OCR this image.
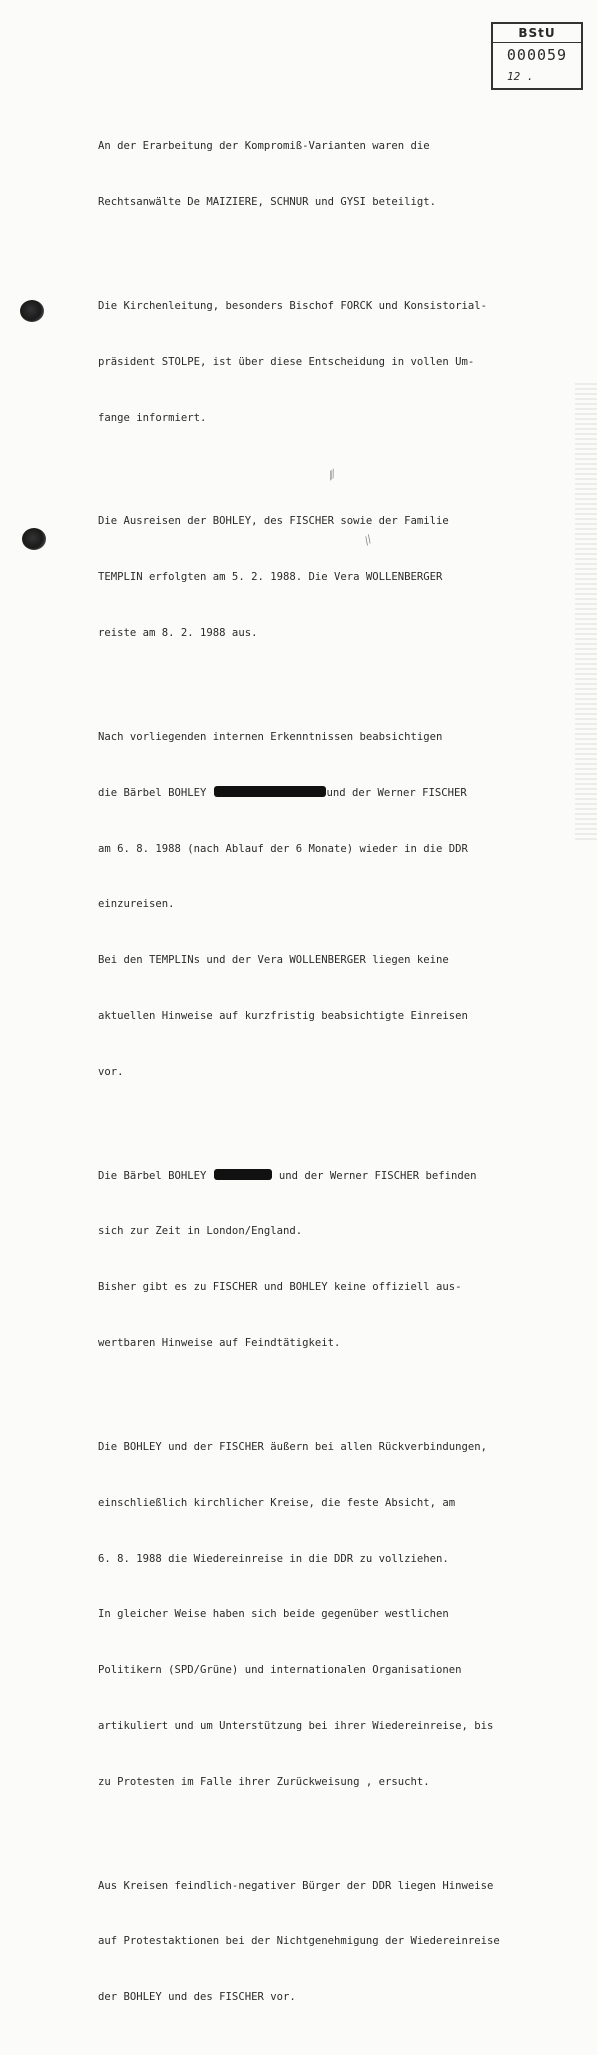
BStU
000059
12 .

An der Erarbeitung der Kompromiß-Varianten waren die

Rechtsanwälte De MAIZIERE, SCHNUR und GYSI beteiligt.

Die Kirchenleitung, besonders Bischof FORCK und Konsistorial-

präsident STOLPE, ist über diese Entscheidung in vollen Um-

fange informiert.

Die Ausreisen der BOHLEY, des FISCHER sowie der Familie

TEMPLIN erfolgten am 5. 2. 1988. Die Vera WOLLENBERGER

reiste am 8. 2. 1988 aus.

Nach vorliegenden internen Erkenntnissen beabsichtigen

die Bärbel BOHLEY	und der Werner FISCHER

am 6. 8. 1988 (nach Ablauf der 6 Monate) wieder in die DDR

einzureisen.

Bei den TEMPLINs und der Vera WOLLENBERGER liegen keine

aktuellen Hinweise auf kurzfristig beabsichtigte Einreisen

vor.

Die Bärbel BOHLEY	und der Werner FISCHER befinden

sich zur Zeit in London/England.

Bisher gibt es zu FISCHER und BOHLEY keine offiziell aus-

wertbaren Hinweise auf Feindtätigkeit.

Die BOHLEY und der FISCHER äußern bei allen Rückverbindungen,

einschließlich kirchlicher Kreise, die feste Absicht, am

6. 8. 1988 die Wiedereinreise in die DDR zu vollziehen.

In gleicher Weise haben sich beide gegenüber westlichen

Politikern (SPD/Grüne) und internationalen Organisationen

artikuliert und um Unterstützung bei ihrer Wiedereinreise, bis

zu Protesten im Falle ihrer Zurückweisung , ersucht.

Aus Kreisen feindlich-negativer Bürger der DDR liegen Hinweise

auf Protestaktionen bei der Nichtgenehmigung der Wiedereinreise

der BOHLEY und des FISCHER vor.

⁄⁄⁄
∕∕
